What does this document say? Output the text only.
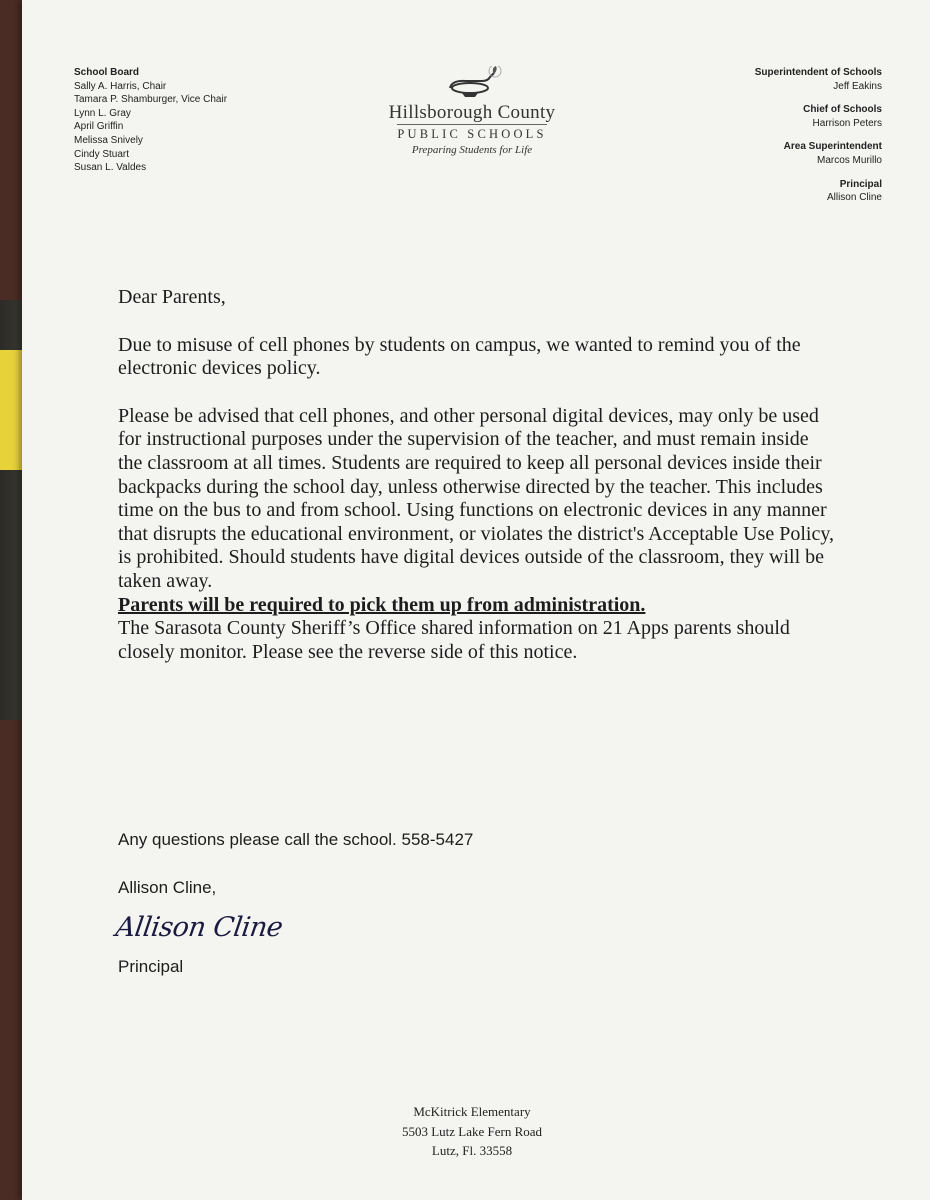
School Board
Sally A. Harris, Chair
Tamara P. Shamburger, Vice Chair
Lynn L. Gray
April Griffin
Melissa Snively
Cindy Stuart
Susan L. Valdes
Hillsborough County
PUBLIC SCHOOLS
Preparing Students for Life
Superintendent of Schools
Jeff Eakins
Chief of Schools
Harrison Peters
Area Superintendent
Marcos Murillo
Principal
Allison Cline

Dear Parents,

Due to misuse of cell phones by students on campus, we wanted to remind you of the electronic devices policy.

Please be advised that cell phones, and other personal digital devices, may only be used for instructional purposes under the supervision of the teacher, and must remain inside the classroom at all times. Students are required to keep all personal devices inside their backpacks during the school day, unless otherwise directed by the teacher. This includes time on the bus to and from school. Using functions on electronic devices in any manner that disrupts the educational environment, or violates the district's Acceptable Use Policy, is prohibited. Should students have digital devices outside of the classroom, they will be taken away.
Parents will be required to pick them up from administration.
The Sarasota County Sheriff’s Office shared information on 21 Apps parents should closely monitor. Please see the reverse side of this notice.

Any questions please call the school. 558-5427
Allison Cline,
Allison Cline
Principal
McKitrick Elementary
5503 Lutz Lake Fern Road
Lutz, Fl. 33558
